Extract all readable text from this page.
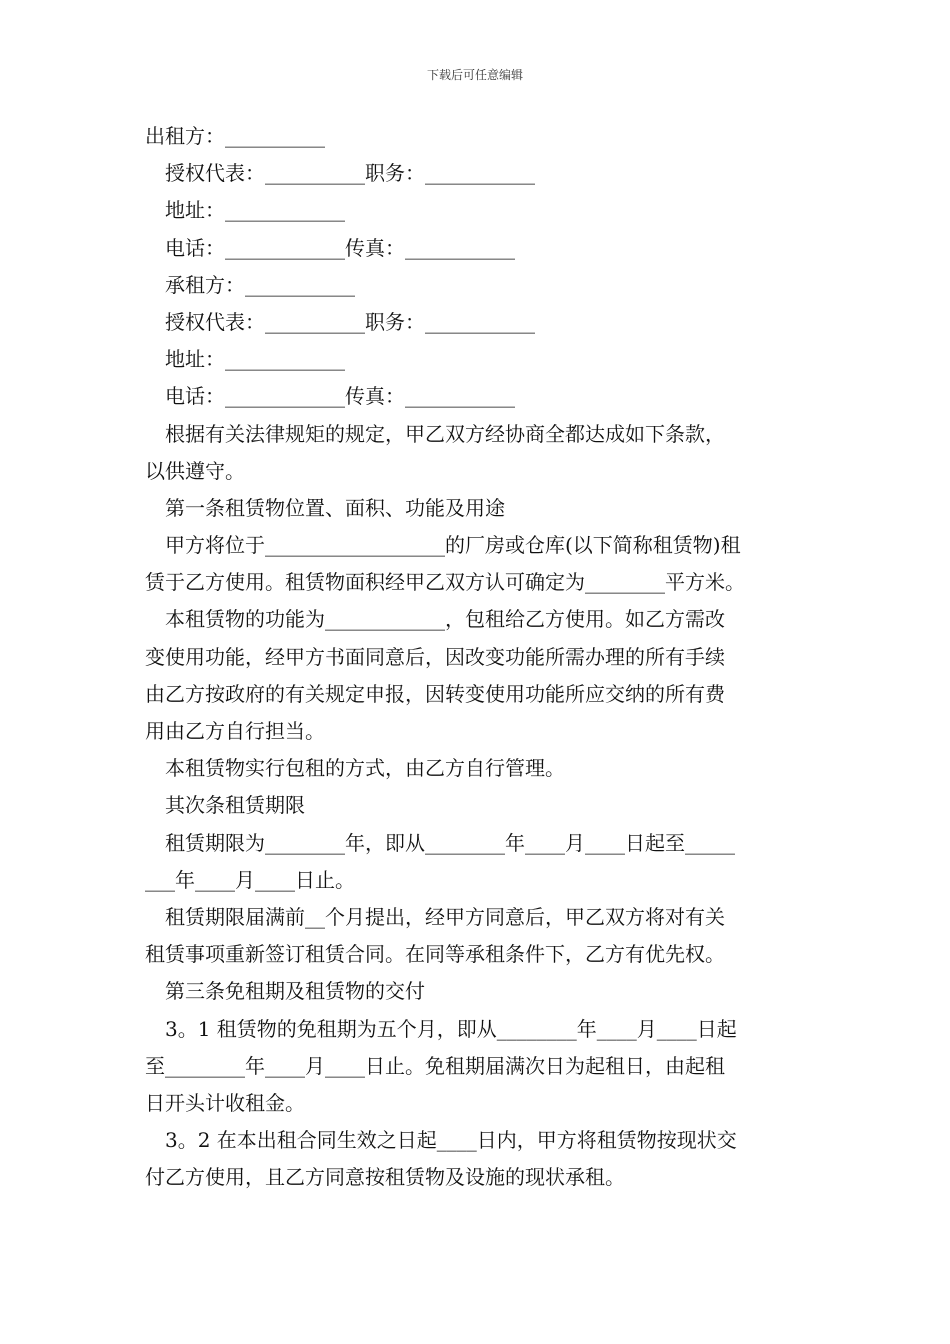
下载后可任意编辑
出租方：__________
授权代表：__________职务：___________
地址：____________
电话：____________传真：___________
承租方：___________
授权代表：__________职务：___________
地址：____________
电话：____________传真：___________
根据有关法律规矩的规定，甲乙双方经协商全都达成如下条款，
以供遵守。
第一条租赁物位置、面积、功能及用途
甲方将位于__________________的厂房或仓库(以下简称租赁物)租
赁于乙方使用。租赁物面积经甲乙双方认可确定为________平方米。
本租赁物的功能为____________，包租给乙方使用。如乙方需改
变使用功能，经甲方书面同意后，因改变功能所需办理的所有手续
由乙方按政府的有关规定申报，因转变使用功能所应交纳的所有费
用由乙方自行担当。
本租赁物实行包租的方式，由乙方自行管理。
其次条租赁期限
租赁期限为________年，即从________年____月____日起至_____
___年____月____日止。
租赁期限届满前__个月提出，经甲方同意后，甲乙双方将对有关
租赁事项重新签订租赁合同。在同等承租条件下，乙方有优先权。
第三条免租期及租赁物的交付
3。1 租赁物的免租期为五个月，即从________年____月____日起
至________年____月____日止。免租期届满次日为起租日，由起租
日开头计收租金。
3。2 在本出租合同生效之日起____日内，甲方将租赁物按现状交
付乙方使用，且乙方同意按租赁物及设施的现状承租。
